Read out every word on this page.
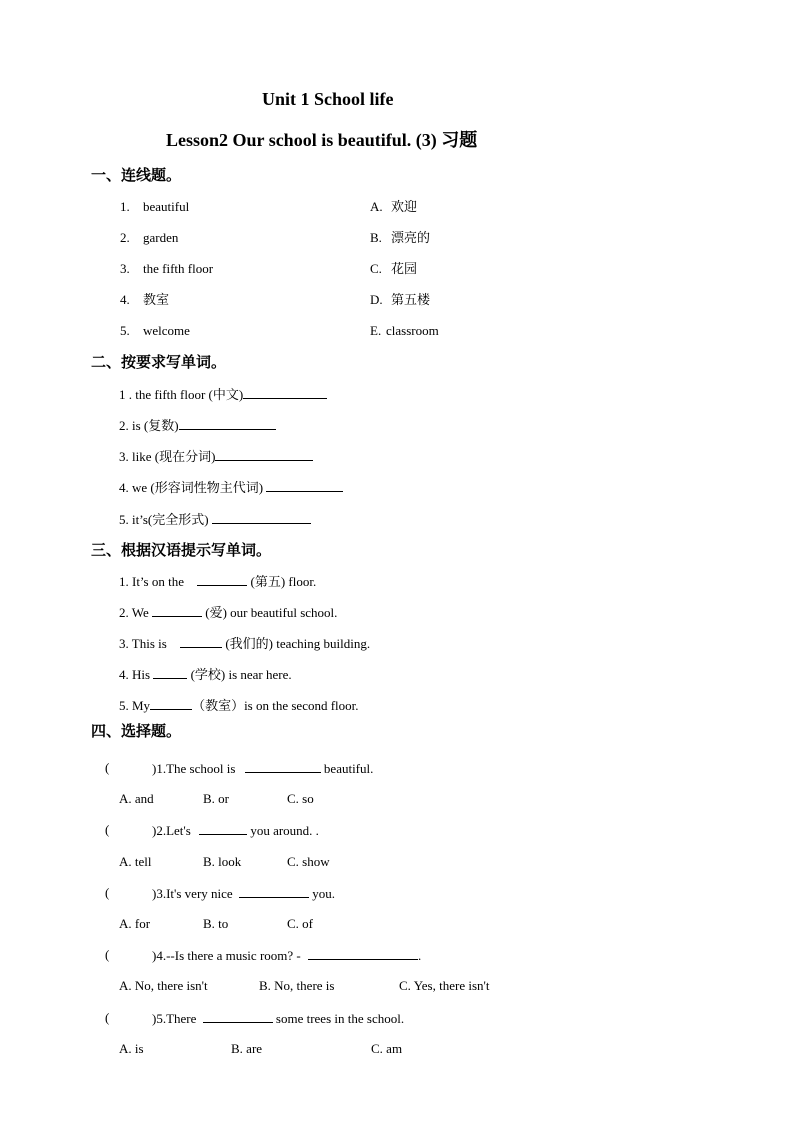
Unit 1 School life
Lesson2 Our school is beautiful. (3) 习题
一、连线题。
1. beautiful	A. 欢迎
2. garden	B. 漂亮的
3. the fifth floor	C. 花园
4. 教室	D. 第五楼
5. welcome	E. classroom
二、按要求写单词。
1 . the fifth floor (中文)
2. is (复数)
3. like (现在分词)
4. we (形容词性物主代词)
5. it’s(完全形式)
三、根据汉语提示写单词。
1. It’s on the	(第五) floor.
2. We	(爱) our beautiful school.
3. This is	(我们的) teaching building.
4. His	(学校) is near here.
5. My	（教室）is on the second floor.
四、选择题。
(	)1.The school is	beautiful.
A. and	B. or	C. so
(	)2.Let's	you around. .
A. tell	B. look	C. show
(	)3.It's very nice	you.
A. for	B. to	C. of
(	)4.--Is there a music room? -	.
A. No, there isn't	B. No, there is	C. Yes, there isn't
(	)5.There	some trees in the school.
A. is	B. are	C. am
